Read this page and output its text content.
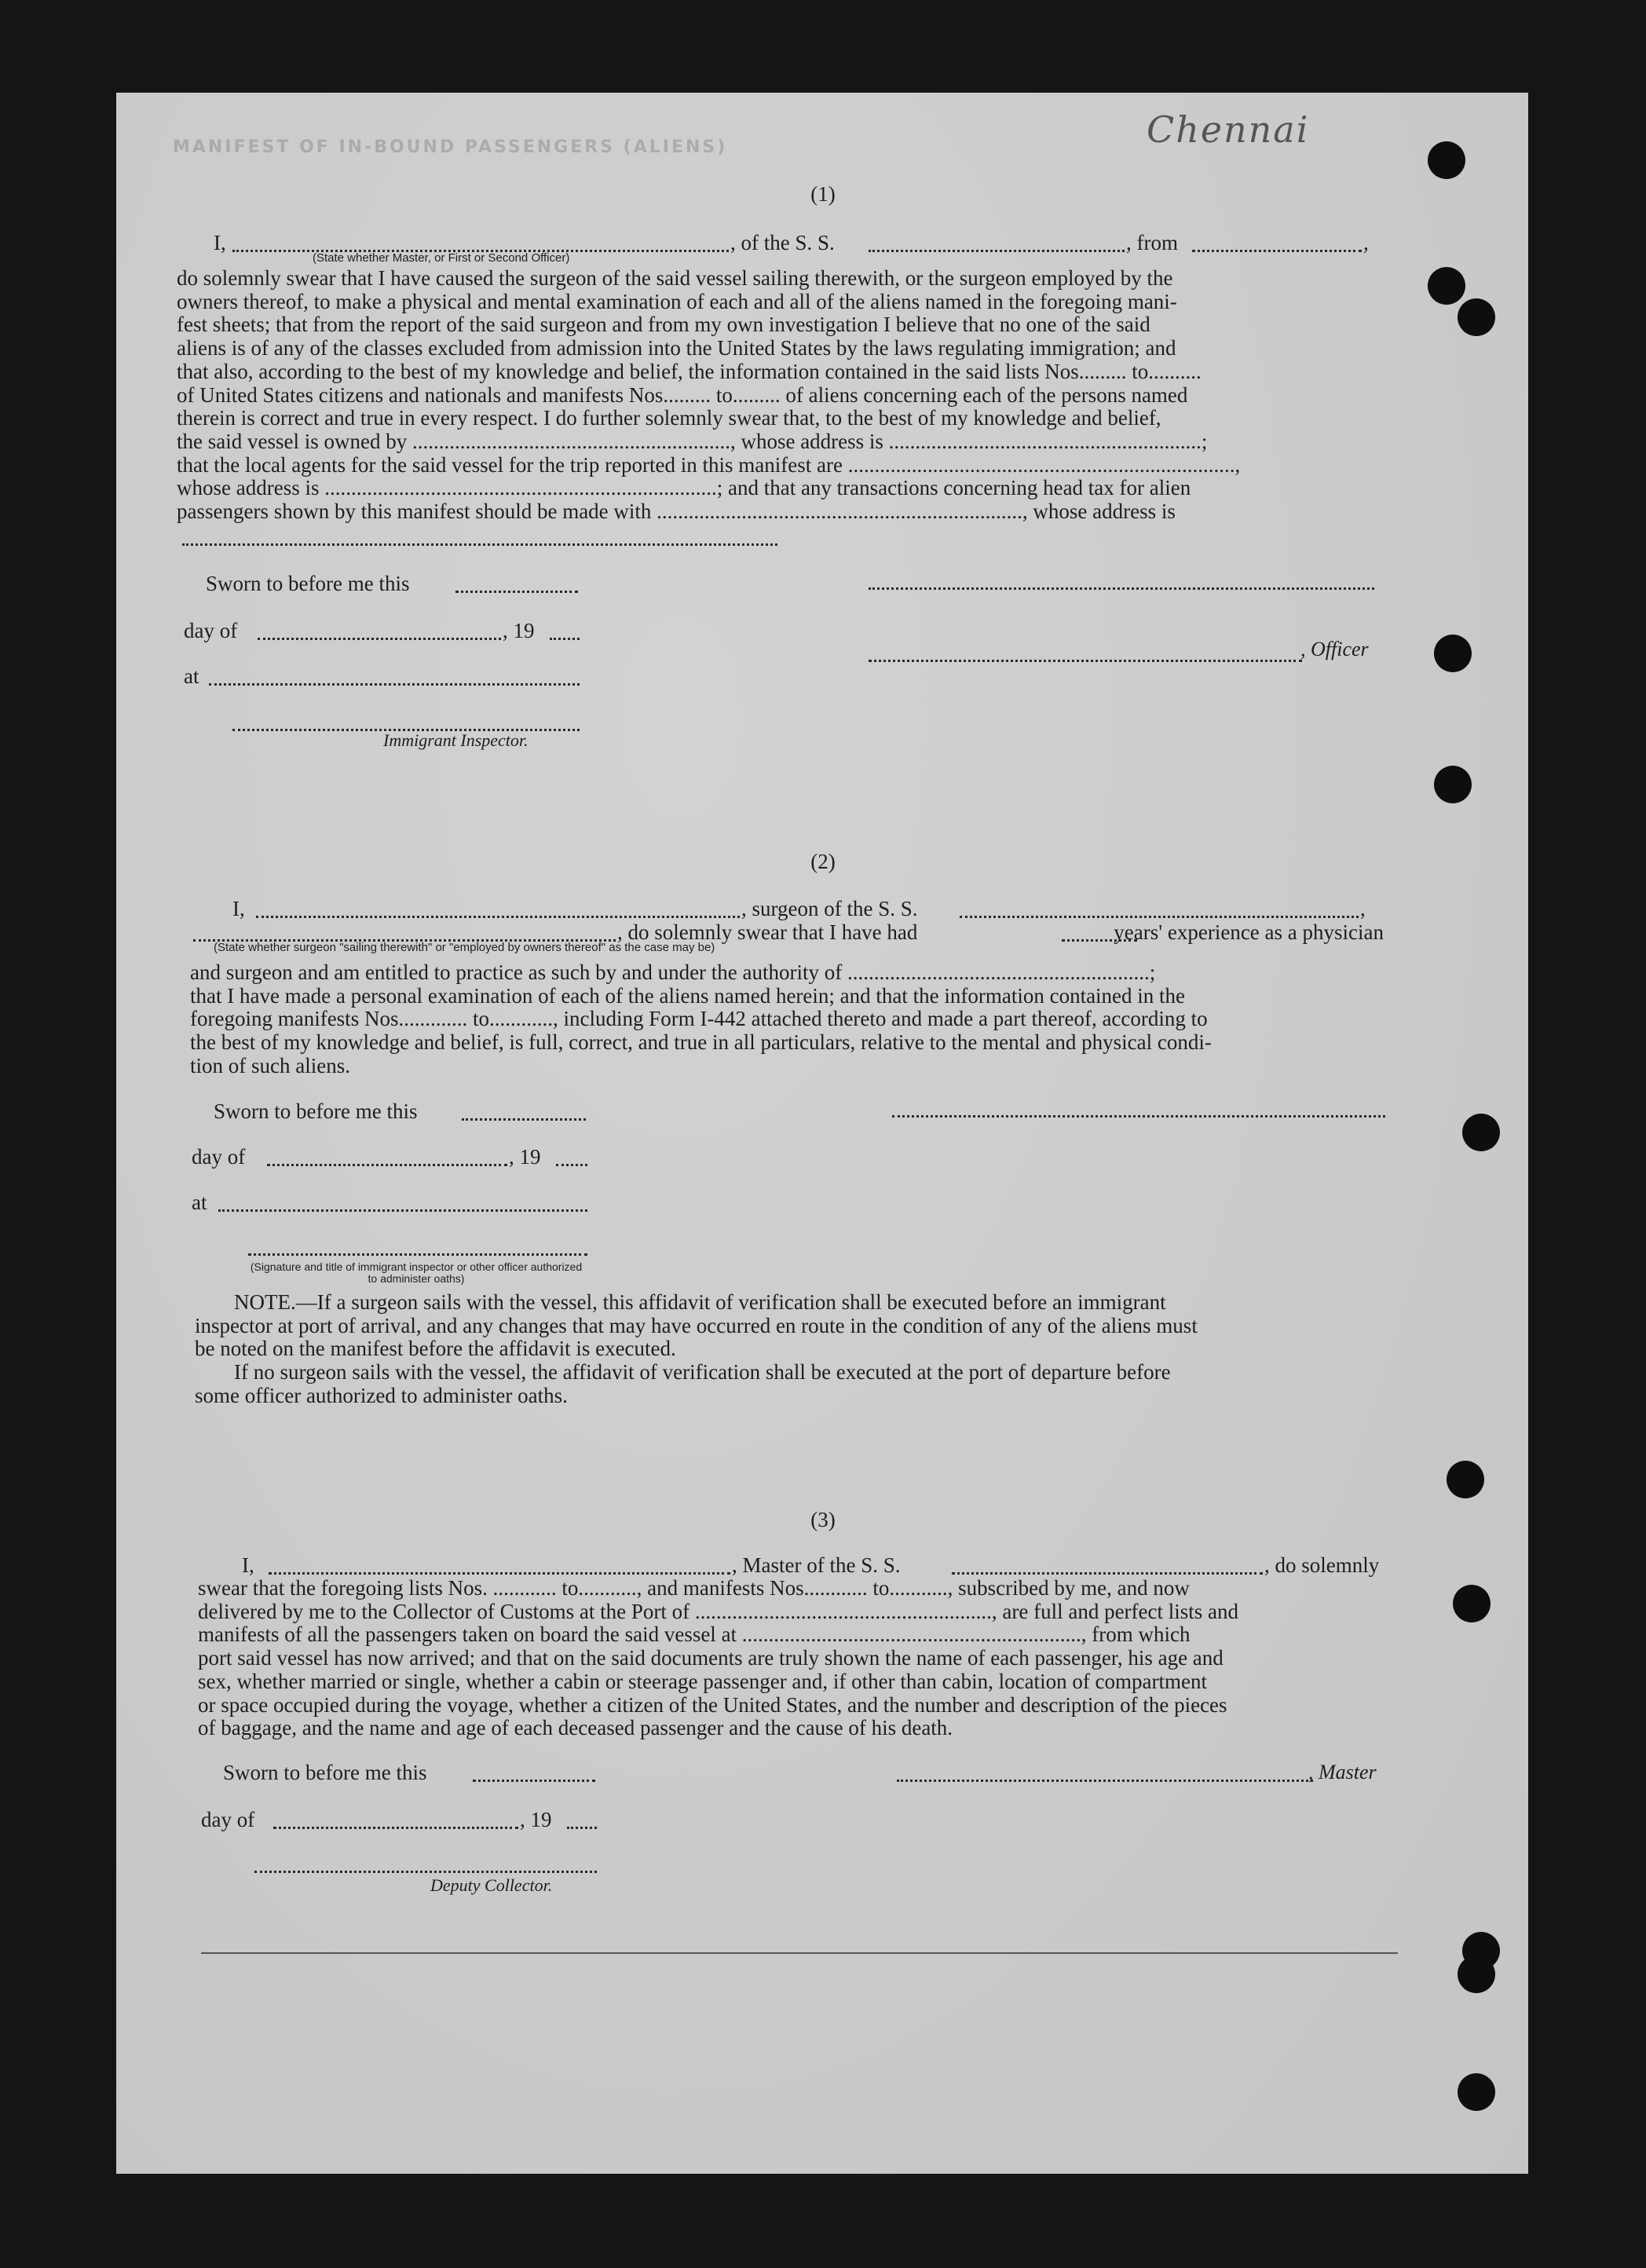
Chennai
MANIFEST OF IN-BOUND PASSENGERS (ALIENS)
(1)
I,	, of the S. S.	, from	,
(State whether Master, or First or Second Officer)
do solemnly swear that I have caused the surgeon of the said vessel sailing therewith, or the surgeon employed by the
owners thereof, to make a physical and mental examination of each and all of the aliens named in the foregoing mani-
fest sheets; that from the report of the said surgeon and from my own investigation I believe that no one of the said
aliens is of any of the classes excluded from admission into the United States by the laws regulating immigration; and
that also, according to the best of my knowledge and belief, the information contained in the said lists Nos......... to..........
of United States citizens and nationals and manifests Nos......... to......... of aliens concerning each of the persons named
therein is correct and true in every respect. I do further solemnly swear that, to the best of my knowledge and belief,
the said vessel is owned by ............................................................, whose address is ...........................................................;
that the local agents for the said vessel for the trip reported in this manifest are .........................................................................,
whose address is ..........................................................................; and that any transactions concerning head tax for alien
passengers shown by this manifest should be made with ....................................................................., whose address is
Sworn to before me this
day of	, 19
, Officer
at
Immigrant Inspector.
(2)
I,	, surgeon of the S. S.	,
, do solemnly swear that I have had	years' experience as a physician
(State whether surgeon "sailing therewith" or "employed by owners thereof" as the case may be)
and surgeon and am entitled to practice as such by and under the authority of .........................................................;
that I have made a personal examination of each of the aliens named herein; and that the information contained in the
foregoing manifests Nos............. to............, including Form I-442 attached thereto and made a part thereof, according to
the best of my knowledge and belief, is full, correct, and true in all particulars, relative to the mental and physical condi-
tion of such aliens.
Sworn to before me this
day of	, 19
at
(Signature and title of immigrant inspector or other officer authorized to administer oaths)
NOTE.—If a surgeon sails with the vessel, this affidavit of verification shall be executed before an immigrant
inspector at port of arrival, and any changes that may have occurred en route in the condition of any of the aliens must
be noted on the manifest before the affidavit is executed.
If no surgeon sails with the vessel, the affidavit of verification shall be executed at the port of departure before
some officer authorized to administer oaths.
(3)
I,	, Master of the S. S.	, do solemnly
swear that the foregoing lists Nos. ............ to..........., and manifests Nos............ to..........., subscribed by me, and now
delivered by me to the Collector of Customs at the Port of ........................................................, are full and perfect lists and
manifests of all the passengers taken on board the said vessel at ................................................................, from which
port said vessel has now arrived; and that on the said documents are truly shown the name of each passenger, his age and
sex, whether married or single, whether a cabin or steerage passenger and, if other than cabin, location of compartment
or space occupied during the voyage, whether a citizen of the United States, and the number and description of the pieces
of baggage, and the name and age of each deceased passenger and the cause of his death.
Sworn to before me this	, Master
day of	, 19
Deputy Collector.
